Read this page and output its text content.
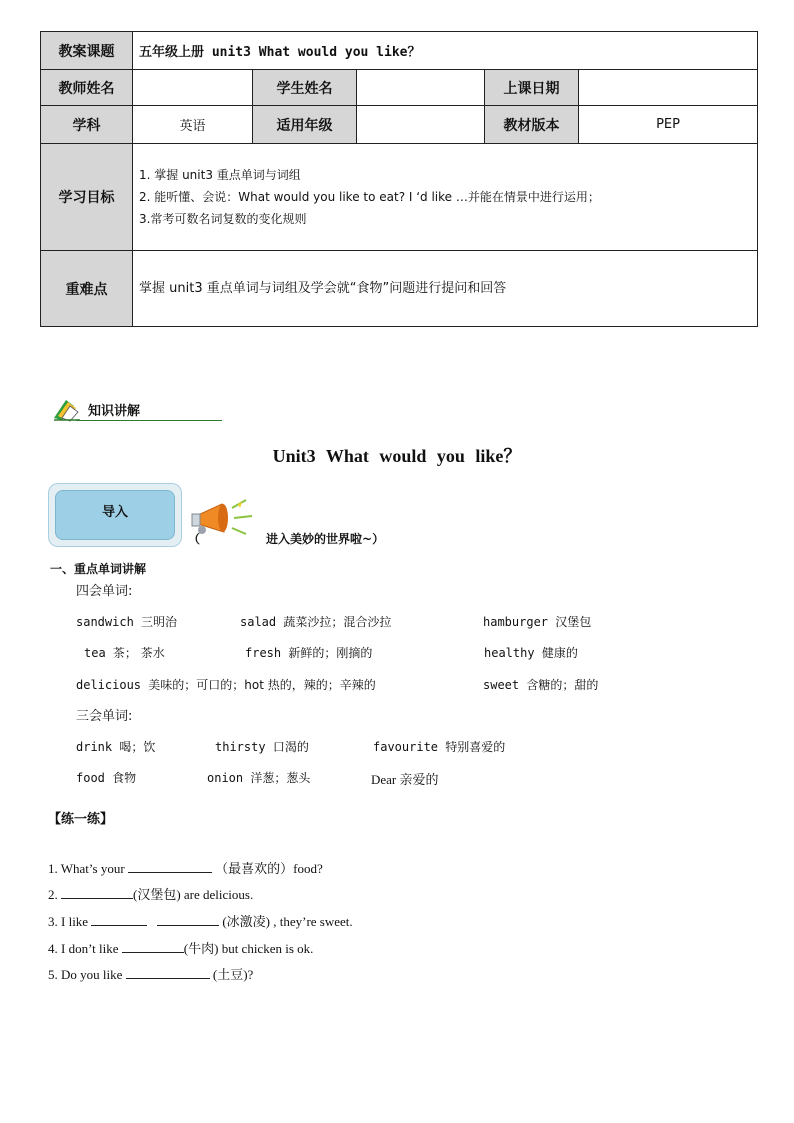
教案课题	五年级上册 unit3 What would you like？				
教师姓名		学生姓名		上课日期	
学科	英语	适用年级		教材版本	PEP
学习目标	1. 掌握 unit3 重点单词与词组
2. 能听懂、会说：What would you like to eat? I ‘d like …并能在情景中进行运用；
3.常考可数名词复数的变化规则				

重难点	掌握 unit3 重点单词与词组及学会就“食物”问题进行提问和回答				
知识讲解
Unit3 What would you like？
导入
（	进入美妙的世界啦~）
一、重点单词讲解
四会单词:
sandwich 三明治	salad 蔬菜沙拉；混合沙拉	hamburger 汉堡包
tea 茶； 茶水	fresh 新鲜的；刚摘的	healthy 健康的
delicious 美味的；可口的；hot 热的，辣的；辛辣的	sweet 含糖的；甜的
三会单词:
drink 喝；饮	thirsty 口渴的	favourite 特别喜爱的
food 食物	onion 洋葱；葱头	Dear 亲爱的
【练一练】
1. What’s your	（最喜欢的）food?
2.	(汉堡包) are delicious.
3. I like	(冰激凌) , they’re sweet.
4. I don’t like	(牛肉) but chicken is ok.
5. Do you like	(土豆)?
